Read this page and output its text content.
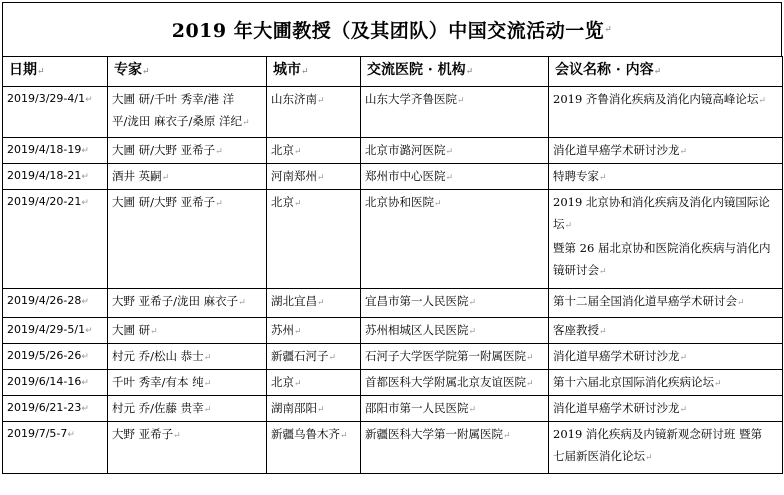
2019 年大圃教授（及其团队）中国交流活动一览 ↵
日期↵	专家↵	城市↵	交流医院 · 机构↵	会议名称 · 内容↵
2019/3/29-4/1↵	大圃 研/千叶 秀幸/港 洋
平/泷田 麻衣子/桑原 洋纪↵	山东济南↵	山东大学齐鲁医院↵	2019 齐鲁消化疾病及消化内镜高峰论坛↵

2019/4/18-19↵	大圃 研/大野 亚希子↵	北京↵	北京市潞河医院↵	消化道早癌学术研讨沙龙↵

2019/4/18-21↵	酒井 英嗣↵	河南郑州↵	郑州市中心医院↵	特聘专家↵

2019/4/20-21↵	大圃 研/大野 亚希子↵	北京↵	北京协和医院↵	2019 北京协和消化疾病及消化内镜国际论
坛↵
暨第 26 届北京协和医院消化疾病与消化内
镜研讨会↵

2019/4/26-28↵	大野 亚希子/泷田 麻衣子↵	湖北宜昌↵	宜昌市第一人民医院↵	第十二届全国消化道早癌学术研讨会↵

2019/4/29-5/1↵	大圃 研↵	苏州↵	苏州相城区人民医院↵	客座教授↵

2019/5/26-26↵	村元 乔/松山 恭士↵	新疆石河子↵	石河子大学医学院第一附属医院↵	消化道早癌学术研讨沙龙↵

2019/6/14-16↵	千叶 秀幸/有本 纯↵	北京↵	首都医科大学附属北京友谊医院↵	第十六届北京国际消化疾病论坛↵

2019/6/21-23↵	村元 乔/佐藤 贵幸↵	湖南邵阳↵	邵阳市第一人民医院↵	消化道早癌学术研讨沙龙↵

2019/7/5-7↵	大野 亚希子↵	新疆乌鲁木齐↵	新疆医科大学第一附属医院↵	2019 消化疾病及内镜新观念研讨班 暨第
七届新医消化论坛↵
